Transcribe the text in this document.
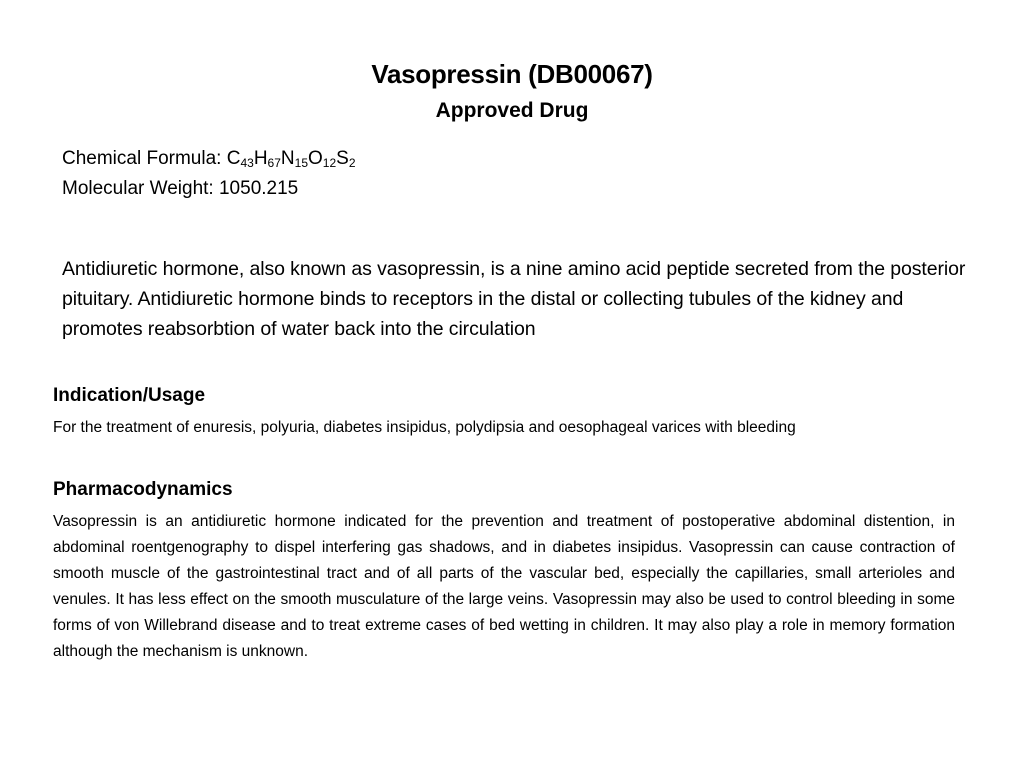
Vasopressin (DB00067)
Approved Drug
Chemical Formula: $C_{43}H_{67}N_{15}O_{12}S_2$
Molecular Weight: 1050.215
Antidiuretic hormone, also known as vasopressin, is a nine amino acid peptide secreted from the posterior pituitary. Antidiuretic hormone binds to receptors in the distal or collecting tubules of the kidney and promotes reabsorbtion of water back into the circulation
Indication/Usage
For the treatment of enuresis, polyuria, diabetes insipidus, polydipsia and oesophageal varices with bleeding
Pharmacodynamics
Vasopressin is an antidiuretic hormone indicated for the prevention and treatment of postoperative abdominal distention, in abdominal roentgenography to dispel interfering gas shadows, and in diabetes insipidus. Vasopressin can cause contraction of smooth muscle of the gastrointestinal tract and of all parts of the vascular bed, especially the capillaries, small arterioles and venules. It has less effect on the smooth musculature of the large veins. Vasopressin may also be used to control bleeding in some forms of von Willebrand disease and to treat extreme cases of bed wetting in children. It may also play a role in memory formation although the mechanism is unknown.
